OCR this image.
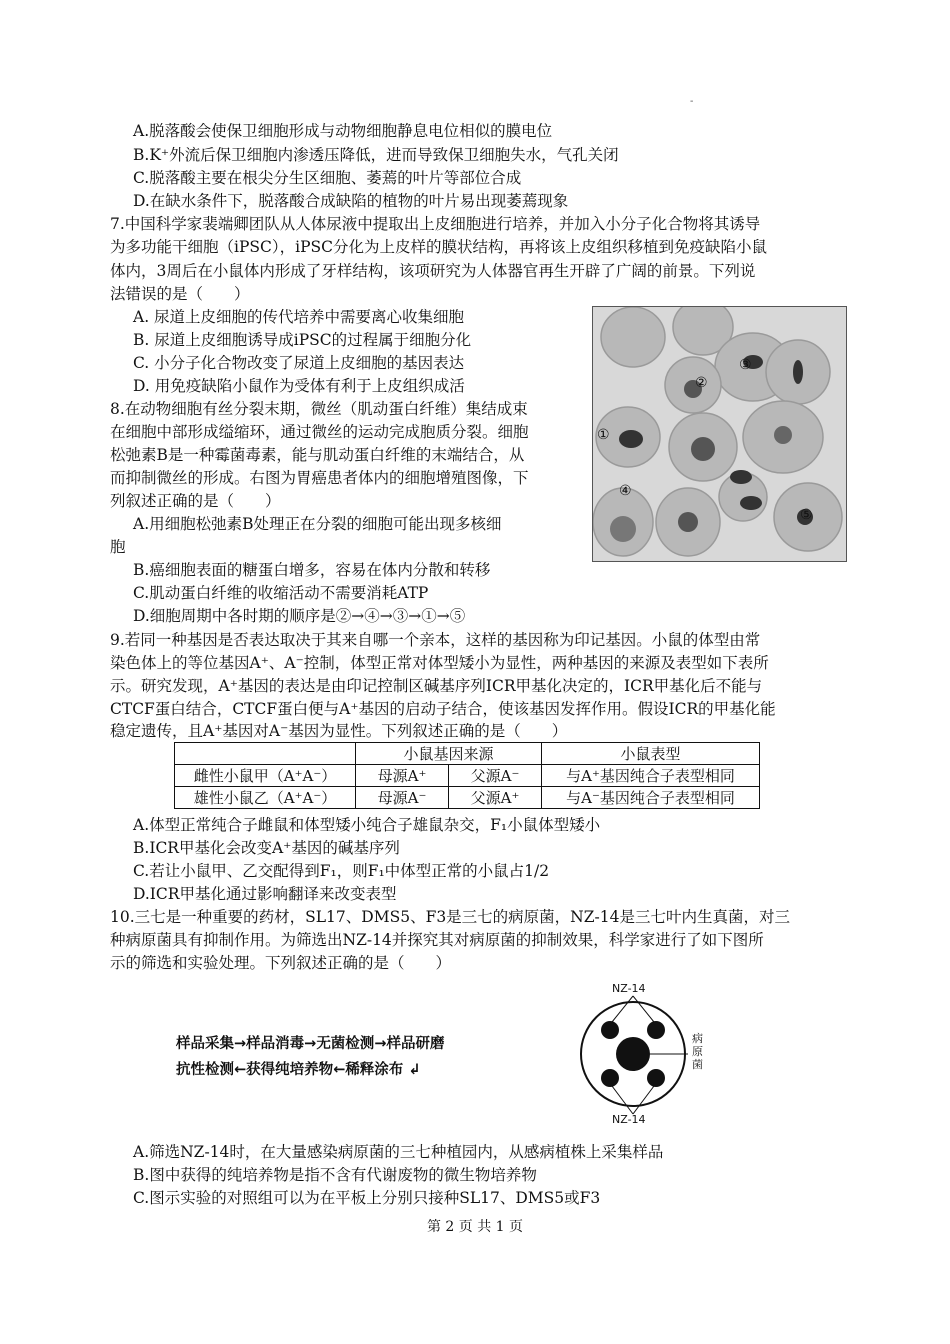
-
A.脱落酸会使保卫细胞形成与动物细胞静息电位相似的膜电位
B.K⁺外流后保卫细胞内渗透压降低，进而导致保卫细胞失水，气孔关闭
C.脱落酸主要在根尖分生区细胞、萎蔫的叶片等部位合成
D.在缺水条件下，脱落酸合成缺陷的植物的叶片易出现萎蔫现象
7.中国科学家裴端卿团队从人体尿液中提取出上皮细胞进行培养，并加入小分子化合物将其诱导
为多功能干细胞（iPSC），iPSC分化为上皮样的膜状结构，再将该上皮组织移植到免疫缺陷小鼠
体内，3周后在小鼠体内形成了牙样结构，该项研究为人体器官再生开辟了广阔的前景。下列说
法错误的是（　　）
A. 尿道上皮细胞的传代培养中需要离心收集细胞
B. 尿道上皮细胞诱导成iPSC的过程属于细胞分化
C. 小分子化合物改变了尿道上皮细胞的基因表达
D. 用免疫缺陷小鼠作为受体有利于上皮组织成活
8.在动物细胞有丝分裂末期，微丝（肌动蛋白纤维）集结成束
在细胞中部形成缢缩环，通过微丝的运动完成胞质分裂。细胞
松弛素B是一种霉菌毒素，能与肌动蛋白纤维的末端结合，从
而抑制微丝的形成。右图为胃癌患者体内的细胞增殖图像，下
列叙述正确的是（　　）
A.用细胞松弛素B处理正在分裂的细胞可能出现多核细
胞
B.癌细胞表面的糖蛋白增多，容易在体内分散和转移
C.肌动蛋白纤维的收缩活动不需要消耗ATP
D.细胞周期中各时期的顺序是②→④→③→①→⑤
③
②
①
④
⑤
9.若同一种基因是否表达取决于其来自哪一个亲本，这样的基因称为印记基因。小鼠的体型由常
染色体上的等位基因A⁺、A⁻控制，体型正常对体型矮小为显性，两种基因的来源及表型如下表所
示。研究发现，A⁺基因的表达是由印记控制区碱基序列ICR甲基化决定的，ICR甲基化后不能与
CTCF蛋白结合，CTCF蛋白便与A⁺基因的启动子结合，使该基因发挥作用。假设ICR的甲基化能
稳定遗传，且A⁺基因对A⁻基因为显性。下列叙述正确的是（　　）
	小鼠基因来源		小鼠表型
雌性小鼠甲（A⁺A⁻）	母源A⁺	父源A⁻	与A⁺基因纯合子表型相同
雄性小鼠乙（A⁺A⁻）	母源A⁻	父源A⁺	与A⁻基因纯合子表型相同
A.体型正常纯合子雌鼠和体型矮小纯合子雄鼠杂交，F₁小鼠体型矮小
B.ICR甲基化会改变A⁺基因的碱基序列
C.若让小鼠甲、乙交配得到F₁，则F₁中体型正常的小鼠占1/2
D.ICR甲基化通过影响翻译来改变表型
10.三七是一种重要的药材，SL17、DMS5、F3是三七的病原菌，NZ-14是三七叶内生真菌，对三
种病原菌具有抑制作用。为筛选出NZ-14并探究其对病原菌的抑制效果，科学家进行了如下图所
示的筛选和实验处理。下列叙述正确的是（　　）
样品采集→样品消毒→无菌检测→样品研磨
抗性检测←获得纯培养物←稀释涂布 ↲
NZ-14
NZ-14
病原菌
A.筛选NZ-14时，在大量感染病原菌的三七种植园内，从感病植株上采集样品
B.图中获得的纯培养物是指不含有代谢废物的微生物培养物
C.图示实验的对照组可以为在平板上分别只接种SL17、DMS5或F3
第 2 页 共 1 页
